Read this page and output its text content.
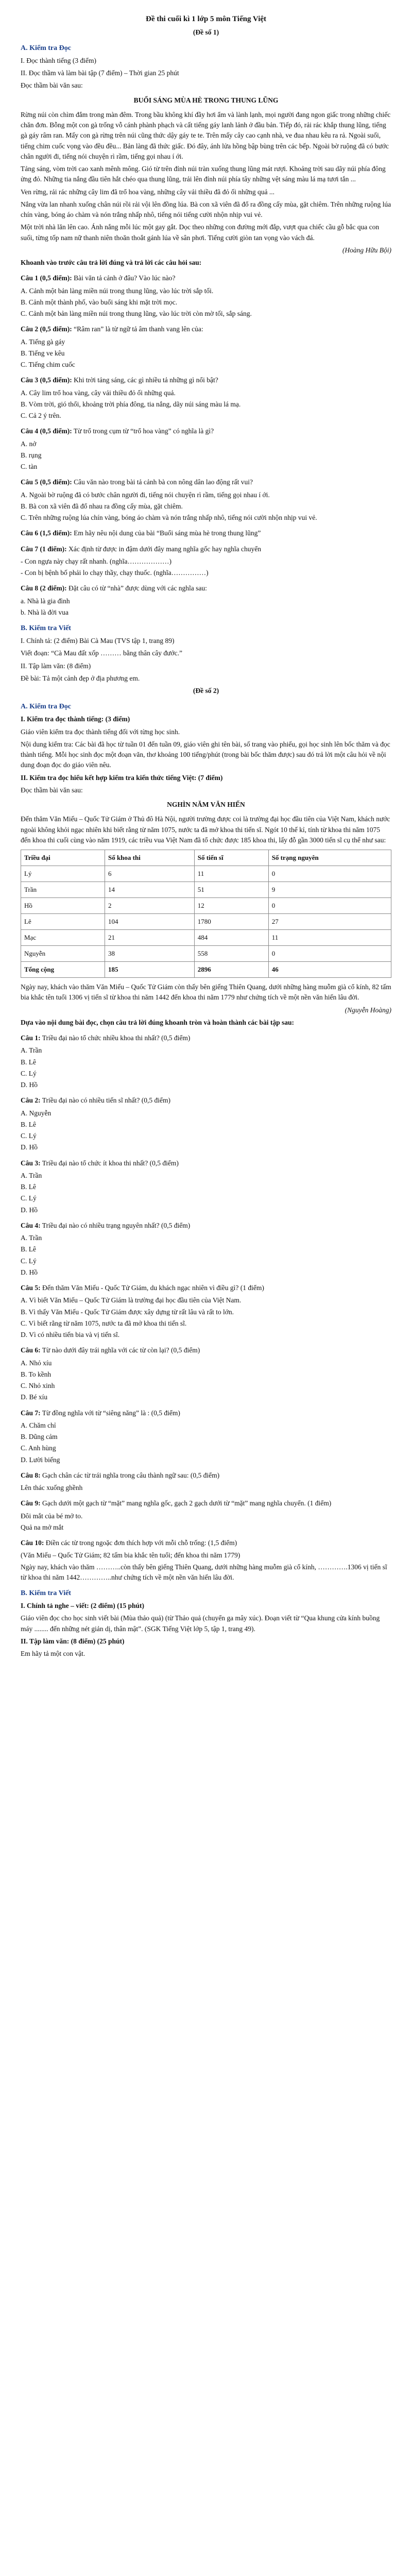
Đề thi cuối kì 1 lớp 5 môn Tiếng Việt

(Đề số 1)

A. Kiểm tra Đọc

I. Đọc thành tiếng (3 điểm)

II. Đọc thầm và làm bài tập (7 điểm) – Thời gian 25 phút

Đọc thầm bài văn sau:

BUỔI SÁNG MÙA HÈ TRONG THUNG LŨNG

Rừng núi còn chìm đắm trong màn đêm. Trong bầu không khí đầy hơi ẩm và lành lạnh, mọi người đang ngon giấc trong những chiếc chăn đơn. Bỗng một con gà trống vỗ cánh phành phạch và cất tiếng gáy lanh lảnh ở đầu bản. Tiếp đó, rải rác khắp thung lũng, tiếng gà gáy râm ran. Mấy con gà rừng trên núi cũng thức dậy gáy te te. Trên mấy cây cao cạnh nhà, ve đua nhau kêu ra rả. Ngoài suối, tiếng chim cuốc vọng vào đều đều... Bản làng đã thức giấc. Đó đây, ánh lửa hồng bập bùng trên các bếp. Ngoài bờ ruộng đã có bước chân người đi, tiếng nói chuyện rì rầm, tiếng gọi nhau í ới.

Tảng sáng, vòm trời cao xanh mênh mông. Gió từ trên đỉnh núi tràn xuống thung lũng mát rượi. Khoảng trời sau dãy núi phía đông ửng đỏ. Những tia nắng đầu tiên hắt chéo qua thung lũng, trải lên đỉnh núi phía tây những vệt sáng màu lá mạ tươi tắn ...

Ven rừng, rải rác những cây lim đã trổ hoa vàng, những cây vải thiều đã đỏ ối những quả ...

Nắng vừa lan nhanh xuống chân núi rồi rải vội lên đồng lúa. Bà con xã viên đã đổ ra đồng cấy mùa, gặt chiêm. Trên những ruộng lúa chín vàng, bóng áo chàm và nón trắng nhấp nhô, tiếng nói tiếng cười nhộn nhịp vui vẻ.

Một trời nhà lăn lên cao. Ánh nắng mỗi lúc một gay gắt. Dọc theo những con đường mới đắp, vượt qua chiếc cầu gỗ bắc qua con suối, từng tốp nam nữ thanh niên thoăn thoắt gánh lúa về sân phơi. Tiếng cười giòn tan vọng vào vách đá.

(Hoàng Hữu Bội)

Khoanh vào trước câu trả lời đúng và trả lời các câu hỏi sau:

Câu 1 (0,5 điểm): Bài văn tả cảnh ở đâu? Vào lúc nào?

A. Cảnh một bản làng miền núi trong thung lũng, vào lúc trời sắp tối.

B. Cảnh một thành phố, vào buổi sáng khi mặt trời mọc.

C. Cảnh một bản làng miền núi trong thung lũng, vào lúc trời còn mờ tối, sắp sáng.

Câu 2 (0,5 điểm): “Râm ran” là từ ngữ tả âm thanh vang lên của:

A. Tiếng gà gáy

B. Tiếng ve kêu

C. Tiếng chim cuốc

Câu 3 (0,5 điểm): Khi trời tảng sáng, các gì nhiều tả những gì nổi bật?

A. Cây lim trổ hoa vàng, cây vải thiều đỏ ối những quả.

B. Vòm trời, gió thổi, khoảng trời phía đông, tia nắng, dãy núi sáng màu lá mạ.

C. Cả 2 ý trên.

Câu 4 (0,5 điểm): Từ trổ trong cụm từ “trổ hoa vàng” có nghĩa là gì?

A. nở

B. rụng

C. tàn

Câu 5 (0,5 điểm): Câu văn nào trong bài tả cảnh bà con nông dân lao động rất vui?

A. Ngoài bờ ruộng đã có bước chân người đi, tiếng nói chuyện rì rầm, tiếng gọi nhau í ới.

B. Bà con xã viên đã đổ nhau ra đồng cấy mùa, gặt chiêm.

C. Trên những ruộng lúa chín vàng, bóng áo chàm và nón trắng nhấp nhô, tiếng nói cười nhộn nhịp vui vẻ.

Câu 6 (1,5 điểm): Em hãy nêu nội dung của bài “Buổi sáng mùa hè trong thung lũng”

Câu 7 (1 điểm): Xác định từ được in đậm dưới đây mang nghĩa gốc hay nghĩa chuyển

- Con ngựa này chạy rất nhanh. (nghĩa………………)

- Con bị bệnh bố phải lo chạy thầy, chạy thuốc. (nghĩa……………)

Câu 8 (2 điểm): Đặt câu có từ “nhà” được dùng với các nghĩa sau:

a. Nhà là gia đình

b. Nhà là đời vua

B. Kiểm tra Viết

I. Chính tả: (2 điểm) Bài Cà Mau (TVS tập 1, trang 89)

Viết đoạn: “Cà Mau đất xốp ……… bằng thân cây đước.”

II. Tập làm văn: (8 điểm)

Đề bài: Tả một cảnh đẹp ở địa phương em.

(Đề số 2)

A. Kiểm tra Đọc

I. Kiểm tra đọc thành tiếng: (3 điểm)

Giáo viên kiểm tra đọc thành tiếng đối với từng học sinh.

Nội dung kiểm tra: Các bài đã học từ tuần 01 đến tuần 09, giáo viên ghi tên bài, số trang vào phiếu, gọi học sinh lên bốc thăm và đọc thành tiếng. Mỗi học sinh đọc một đoạn văn, thơ khoảng 100 tiếng/phút (trong bài bốc thăm được) sau đó trả lời một câu hỏi về nội dung đoạn đọc do giáo viên nêu.

II. Kiểm tra đọc hiểu kết hợp kiểm tra kiến thức tiếng Việt: (7 điểm)

Đọc thầm bài văn sau:

NGHÌN NĂM VĂN HIẾN

Đến thăm Văn Miếu – Quốc Tử Giám ở Thủ đô Hà Nội, người trường được coi là trường đại học đầu tiên của Việt Nam, khách nước ngoài không khỏi ngạc nhiên khi biết rằng từ năm 1075, nước ta đã mở khoa thi tiến sĩ. Ngót 10 thế kỉ, tính từ khoa thi năm 1075 đến khoa thi cuối cùng vào năm 1919, các triều vua Việt Nam đã tổ chức được 185 khoa thi, lấy đỗ gần 3000 tiến sĩ cụ thể như sau:

Triều đại	Số khoa thi	Số tiến sĩ	Số trạng nguyên
Lý	6	11	0
Trần	14	51	9
Hồ	2	12	0
Lê	104	1780	27
Mạc	21	484	11
Nguyễn	38	558	0
Tổng cộng	185	2896	46

Ngày nay, khách vào thăm Văn Miếu – Quốc Tử Giám còn thấy bên giếng Thiên Quang, dưới những hàng muỗm già cổ kính, 82 tấm bia khắc tên tuổi 1306 vị tiến sĩ từ khoa thi năm 1442 đến khoa thi năm 1779 như chứng tích về một nền văn hiến lâu đời.

(Nguyễn Hoàng)

Dựa vào nội dung bài đọc, chọn câu trả lời đúng khoanh tròn và hoàn thành các bài tập sau:

Câu 1: Triều đại nào tổ chức nhiều khoa thi nhất? (0,5 điểm)

A. Trần

B. Lê

C. Lý

D. Hồ

Câu 2: Triều đại nào có nhiều tiến sĩ nhất? (0,5 điểm)

A. Nguyễn

B. Lê

C. Lý

D. Hồ

Câu 3: Triều đại nào tổ chức ít khoa thi nhất? (0,5 điểm)

A. Trần

B. Lê

C. Lý

D. Hồ

Câu 4: Triều đại nào có nhiều trạng nguyên nhất? (0,5 điểm)

A. Trần

B. Lê

C. Lý

D. Hồ

Câu 5: Đến thăm Văn Miếu - Quốc Tử Giám, du khách ngạc nhiên vì điều gì? (1 điểm)

A. Vì biết Văn Miếu – Quốc Tử Giám là trường đại học đầu tiên của Việt Nam.

B. Vì thấy Văn Miếu - Quốc Tử Giám được xây dựng từ rất lâu và rất to lớn.

C. Vì biết rằng từ năm 1075, nước ta đã mở khoa thi tiến sĩ.

D. Vì có nhiều tiến bia và vị tiến sĩ.

Câu 6: Từ nào dưới đây trái nghĩa với các từ còn lại? (0,5 điểm)

A. Nhỏ xíu

B. To kềnh

C. Nhỏ xinh

D. Bé xíu

Câu 7: Từ đồng nghĩa với từ “siêng năng” là : (0,5 điểm)

A. Chăm chỉ

B. Dũng cảm

C. Anh hùng

D. Lười biếng

Câu 8: Gạch chân các từ trái nghĩa trong câu thành ngữ sau: (0,5 điểm)

Lên thác xuống ghềnh

Câu 9: Gạch dưới một gạch từ “mặt” mang nghĩa gốc, gạch 2 gạch dưới từ “mặt” mang nghĩa chuyển. (1 điểm)

Đôi mắt của bé mở to.

Quả na mở mắt

Câu 10: Điền các từ trong ngoặc đơn thích hợp với mỗi chỗ trống: (1,5 điểm)

(Văn Miếu – Quốc Tử Giám; 82 tấm bia khắc tên tuổi; đến khoa thi năm 1779)

Ngày nay, khách vào thăm ………..còn thấy bên giếng Thiên Quang, dưới những hàng muỗm già cổ kính, ………….1306 vị tiến sĩ từ khoa thi năm 1442…………..như chứng tích về một nền văn hiến lâu đời.

B. Kiểm tra Viết

I. Chính tả nghe – viết: (2 điểm) (15 phút)

Giáo viên đọc cho học sinh viết bài (Mùa thảo quả) (từ Thảo quả (chuyển ga mây xúc). Đoạn viết từ “Qua khung cửa kính buồng máy ........ đến những nét giản dị, thân mật”. (SGK Tiếng Việt lớp 5, tập 1, trang 49).

II. Tập làm văn: (8 điểm) (25 phút)

Em hãy tả một con vật.
